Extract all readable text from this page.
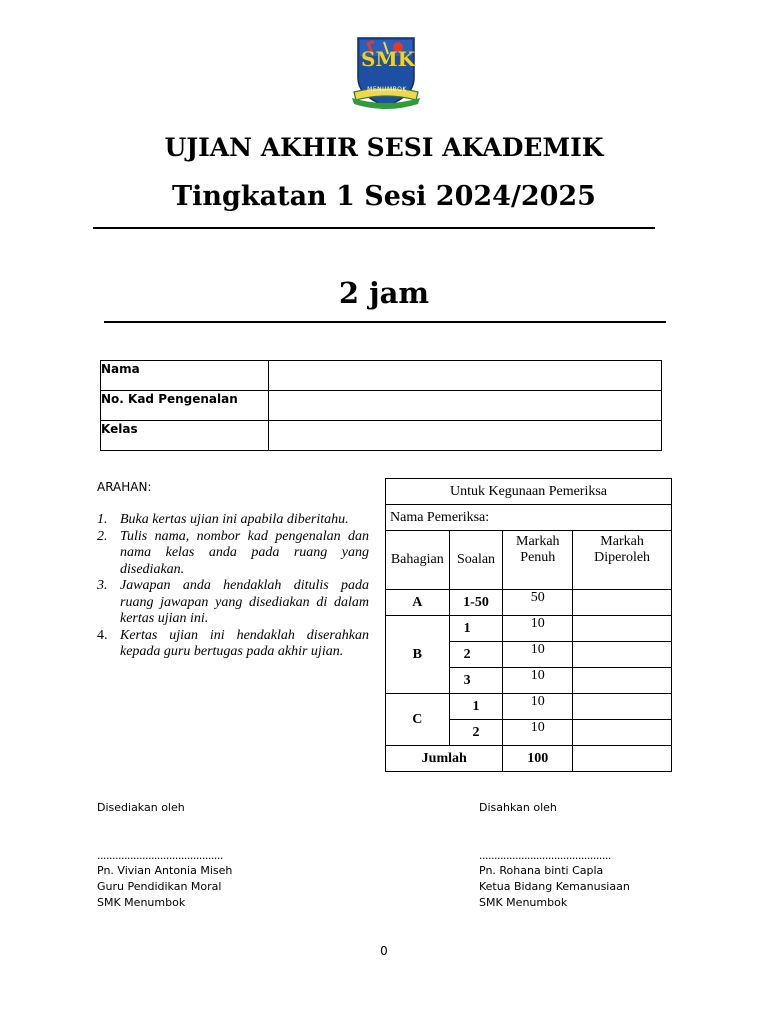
SMK
MENUMBOK
UJIAN AKHIR SESI AKADEMIK
Tingkatan 1 Sesi 2024/2025
2 jam
Nama	
No. Kad Pengenalan	
Kelas	
ARAHAN:
1. Buka kertas ujian ini apabila diberitahu.
2. Tulis nama, nombor kad pengenalan dan nama kelas anda pada ruang yang disediakan.
3. Jawapan anda hendaklah ditulis pada ruang jawapan yang disediakan di dalam kertas ujian ini.
4. Kertas ujian ini hendaklah diserahkan kepada guru bertugas pada akhir ujian.
Untuk Kegunaan Pemeriksa			
Nama Pemeriksa:			
Bahagian	Soalan	Markah Penuh	Markah Diperoleh
A	1-50	50	
B	1	10	
	2	10	
	3	10	
C	1	10	
	2	10	
Jumlah		100	
Disediakan oleh
..........................................
Pn. Vivian Antonia Miseh
Guru Pendidikan Moral
SMK Menumbok
Disahkan oleh
............................................
Pn. Rohana binti Capla
Ketua Bidang Kemanusiaan
SMK Menumbok
0
